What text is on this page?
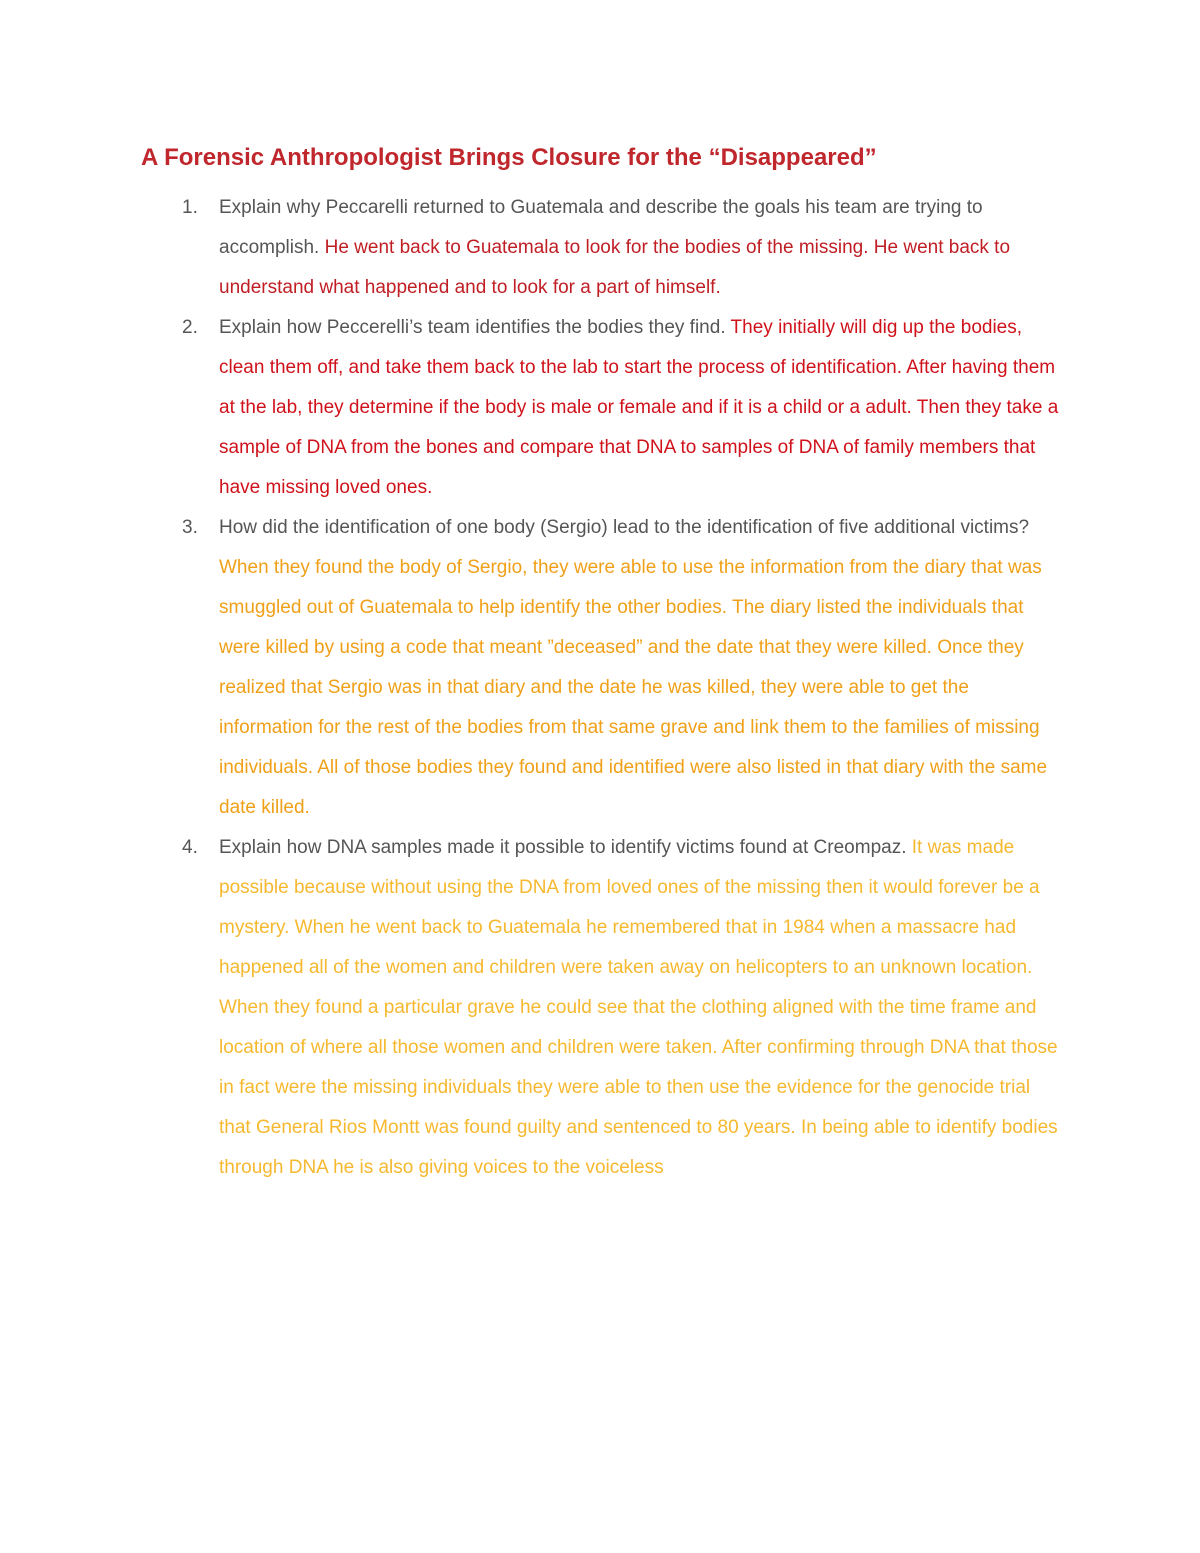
A Forensic Anthropologist Brings Closure for the “Disappeared”
1. Explain why Peccarelli returned to Guatemala and describe the goals his team are trying to accomplish. He went back to Guatemala to look for the bodies of the missing. He went back to understand what happened and to look for a part of himself.
2. Explain how Peccerelli’s team identifies the bodies they find. They initially will dig up the bodies, clean them off, and take them back to the lab to start the process of identification. After having them at the lab, they determine if the body is male or female and if it is a child or a adult. Then they take a sample of DNA from the bones and compare that DNA to samples of DNA of family members that have missing loved ones.
3. How did the identification of one body (Sergio) lead to the identification of five additional victims? When they found the body of Sergio, they were able to use the information from the diary that was smuggled out of Guatemala to help identify the other bodies. The diary listed the individuals that were killed by using a code that meant ”deceased” and the date that they were killed. Once they realized that Sergio was in that diary and the date he was killed, they were able to get the information for the rest of the bodies from that same grave and link them to the families of missing individuals. All of those bodies they found and identified were also listed in that diary with the same date killed.
4. Explain how DNA samples made it possible to identify victims found at Creompaz. It was made possible because without using the DNA from loved ones of the missing then it would forever be a mystery. When he went back to Guatemala he remembered that in 1984 when a massacre had happened all of the women and children were taken away on helicopters to an unknown location. When they found a particular grave he could see that the clothing aligned with the time frame and location of where all those women and children were taken. After confirming through DNA that those in fact were the missing individuals they were able to then use the evidence for the genocide trial that General Rios Montt was found guilty and sentenced to 80 years. In being able to identify bodies through DNA he is also giving voices to the voiceless
